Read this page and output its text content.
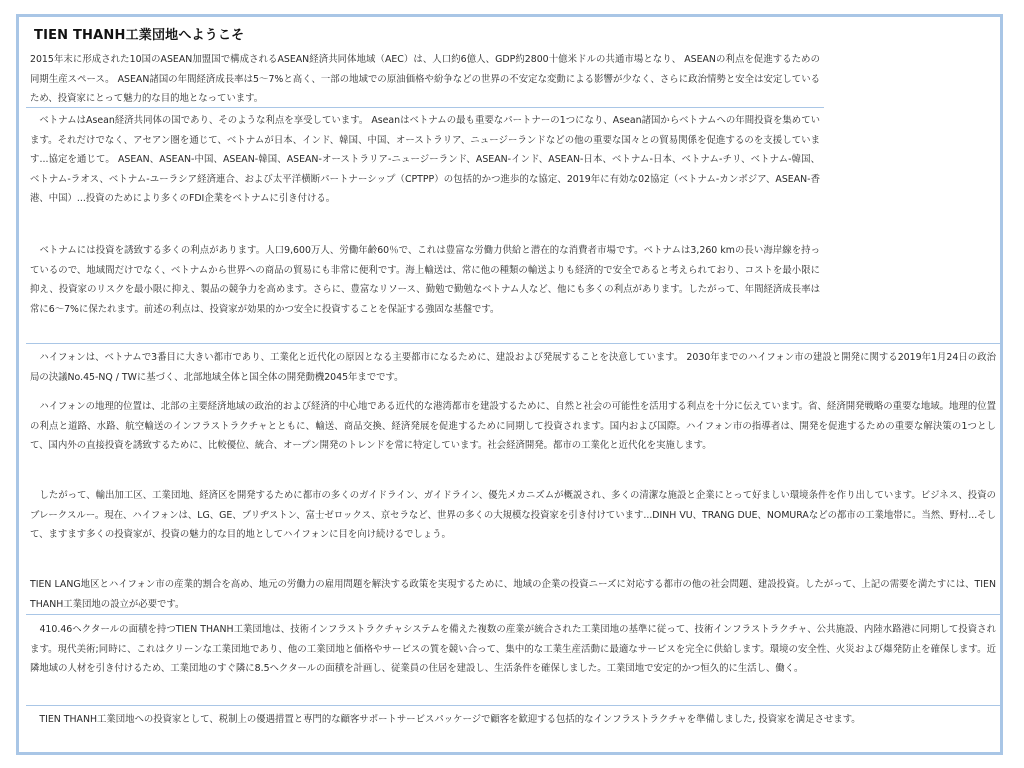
TIEN THANH工業団地へようこそ

2015年末に形成された10国のASEAN加盟国で構成されるASEAN経済共同体地域（AEC）は、人口約6億人、GDP約2800十億米ドルの共通市場となり、 ASEANの利点を促進するための同期生産スペース。 ASEAN諸国の年間経済成長率は5〜7%と高く、一部の地域での原油価格や紛争などの世界の不安定な変動による影響が少なく、さらに政治情勢と安全は安定しているため、投資家にとって魅力的な目的地となっています。

　ベトナムはAsean経済共同体の国であり、そのような利点を享受しています。 Aseanはベトナムの最も重要なパートナーの1つになり、Asean諸国からベトナムへの年間投資を集めています。それだけでなく、アセアン圏を通じて、ベトナムが日本、インド、韓国、中国、オーストラリア、ニュージーランドなどの他の重要な国々との貿易関係を促進するのを支援しています...協定を通じて。 ASEAN、ASEAN-中国、ASEAN-韓国、ASEAN-オーストラリア-ニュージーランド、ASEAN-インド、ASEAN-日本、ベトナム-日本、ベトナム-チリ、ベトナム-韓国、ベトナム-ラオス、ベトナム-ユーラシア経済連合、および太平洋横断パートナーシップ（CPTPP）の包括的かつ進歩的な協定、2019年に有効な02協定（ベトナム-カンボジア、ASEAN-香港、中国）...投資のためにより多くのFDI企業をベトナムに引き付ける。

　ベトナムには投資を誘致する多くの利点があります。人口9,600万人、労働年齢60％で、これは豊富な労働力供給と潜在的な消費者市場です。ベトナムは3,260 kmの長い海岸線を持っているので、地域間だけでなく、ベトナムから世界への商品の貿易にも非常に便利です。海上輸送は、常に他の種類の輸送よりも経済的で安全であると考えられており、コストを最小限に抑え、投資家のリスクを最小限に抑え、製品の競争力を高めます。さらに、豊富なリソース、勤勉で勤勉なベトナム人など、他にも多くの利点があります。したがって、年間経済成長率は常に6〜7%に保たれます。前述の利点は、投資家が効果的かつ安全に投資することを保証する強固な基盤です。

　ハイフォンは、ベトナムで3番目に大きい都市であり、工業化と近代化の原因となる主要都市になるために、建設および発展することを決意しています。 2030年までのハイフォン市の建設と開発に関する2019年1月24日の政治局の決議No.45-NQ / TWに基づく、北部地域全体と国全体の開発動機2045年までです。

　ハイフォンの地理的位置は、北部の主要経済地域の政治的および経済的中心地である近代的な港湾都市を建設するために、自然と社会の可能性を活用する利点を十分に伝えています。省、経済開発戦略の重要な地域。地理的位置の利点と道路、水路、航空輸送のインフラストラクチャとともに、輸送、商品交換、経済発展を促進するために同期して投資されます。国内および国際。ハイフォン市の指導者は、開発を促進するための重要な解決策の1つとして、国内外の直接投資を誘致するために、比較優位、統合、オープン開発のトレンドを常に特定しています。社会経済開発。都市の工業化と近代化を実施します。

　したがって、輸出加工区、工業団地、経済区を開発するために都市の多くのガイドライン、ガイドライン、優先メカニズムが概説され、多くの清潔な施設と企業にとって好ましい環境条件を作り出しています。ビジネス、投資のブレークスルー。現在、ハイフォンは、LG、GE、ブリヂストン、富士ゼロックス、京セラなど、世界の多くの大規模な投資家を引き付けています...DINH VU、TRANG DUE、NOMURAなどの都市の工業地帯に。当然、野村...そして、ますます多くの投資家が、投資の魅力的な目的地としてハイフォンに目を向け続けるでしょう。

TIEN LANG地区とハイフォン市の産業的割合を高め、地元の労働力の雇用問題を解決する政策を実現するために、地域の企業の投資ニーズに対応する都市の他の社会問題、建設投資。したがって、上記の需要を満たすには、TIEN THANH工業団地の設立が必要です。

　410.46ヘクタールの面積を持つTIEN THANH工業団地は、技術インフラストラクチャシステムを備えた複数の産業が統合された工業団地の基準に従って、技術インフラストラクチャ、公共施設、内陸水路港に同期して投資されます。現代美術;同時に、これはクリーンな工業団地であり、他の工業団地と価格やサービスの質を競い合って、集中的な工業生産活動に最適なサービスを完全に供給します。環境の安全性、火災および爆発防止を確保します。近隣地域の人材を引き付けるため、工業団地のすぐ隣に8.5ヘクタールの面積を計画し、従業員の住居を建設し、生活条件を確保しました。工業団地で安定的かつ恒久的に生活し、働く。

　TIEN THANH工業団地への投資家として、税制上の優遇措置と専門的な顧客サポートサービスパッケージで顧客を歓迎する包括的なインフラストラクチャを準備しました, 投資家を満足させます。
